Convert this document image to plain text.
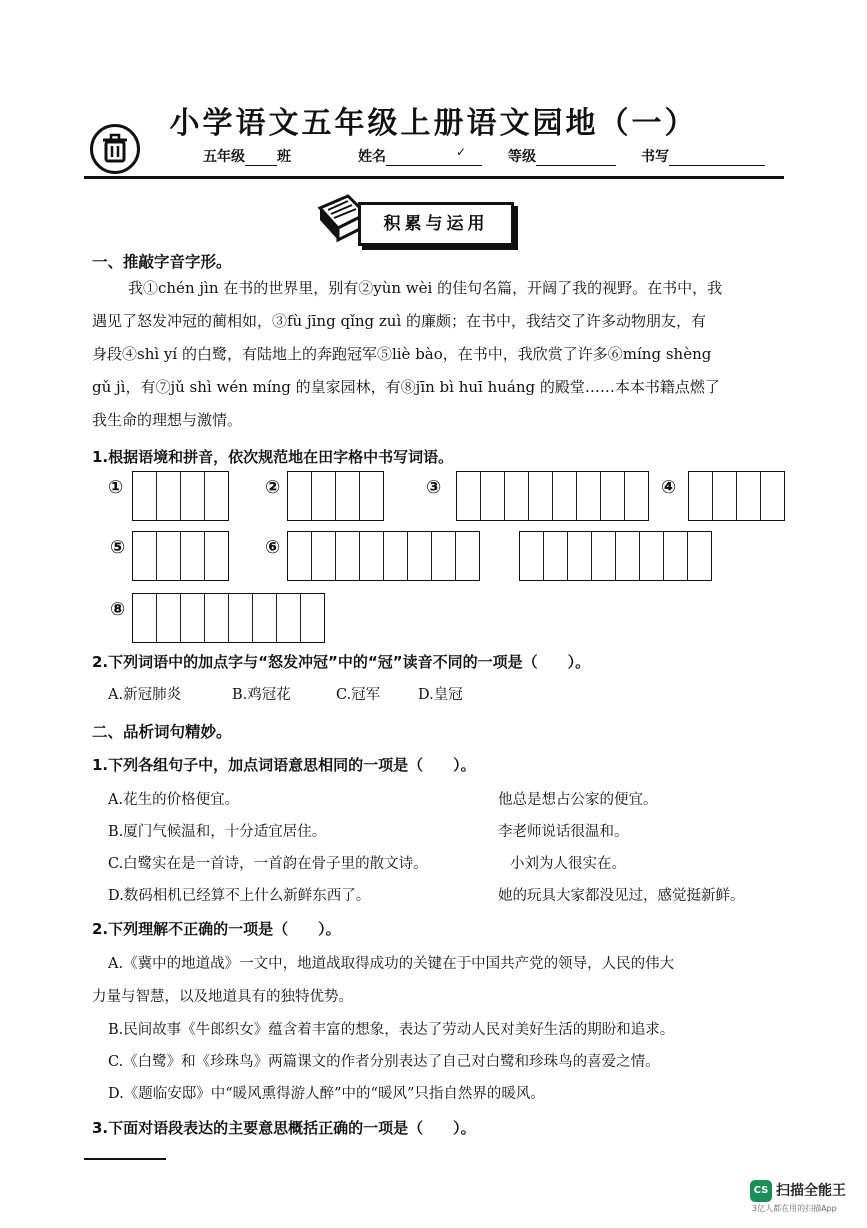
小学语文五年级上册语文园地（一）
五年级 班	姓名	✓	等级	书写
积累与运用
一、推敲字音字形。
我①chén jìn 在书的世界里，别有②yùn wèi 的佳句名篇，开阔了我的视野。在书中，我
遇见了怒发冲冠的蔺相如，③fù jīng qǐng zuì 的廉颇；在书中，我结交了许多动物朋友，有
身段④shì yí 的白鹭，有陆地上的奔跑冠军⑤liè bào，在书中，我欣赏了许多⑥míng shèng
gǔ jì，有⑦jǔ shì wén míng 的皇家园林，有⑧jīn bì huī huáng 的殿堂……本本书籍点燃了
我生命的理想与激情。
1.根据语境和拼音，依次规范地在田字格中书写词语。
①	②	③	④
⑤	⑥
⑧
2.下列词语中的加点字与“怒发冲冠”中的“冠”读音不同的一项是（　　）。
A.新冠肺炎	B.鸡冠花	C.冠军	D.皇冠
二、品析词句精妙。
1.下列各组句子中，加点词语意思相同的一项是（　　）。
A.花生的价格便宜。	他总是想占公家的便宜。
B.厦门气候温和，十分适宜居住。	李老师说话很温和。
C.白鹭实在是一首诗，一首韵在骨子里的散文诗。	小刘为人很实在。
D.数码相机已经算不上什么新鲜东西了。	她的玩具大家都没见过，感觉挺新鲜。
2.下列理解不正确的一项是（　　）。
A.《冀中的地道战》一文中，地道战取得成功的关键在于中国共产党的领导，人民的伟大
力量与智慧，以及地道具有的独特优势。
B.民间故事《牛郎织女》蕴含着丰富的想象，表达了劳动人民对美好生活的期盼和追求。
C.《白鹭》和《珍珠鸟》两篇课文的作者分别表达了自己对白鹭和珍珠鸟的喜爱之情。
D.《题临安邸》中“暖风熏得游人醉”中的“暖风”只指自然界的暖风。
3.下面对语段表达的主要意思概括正确的一项是（　　）。
CS 扫描全能王
3亿人都在用的扫描App
